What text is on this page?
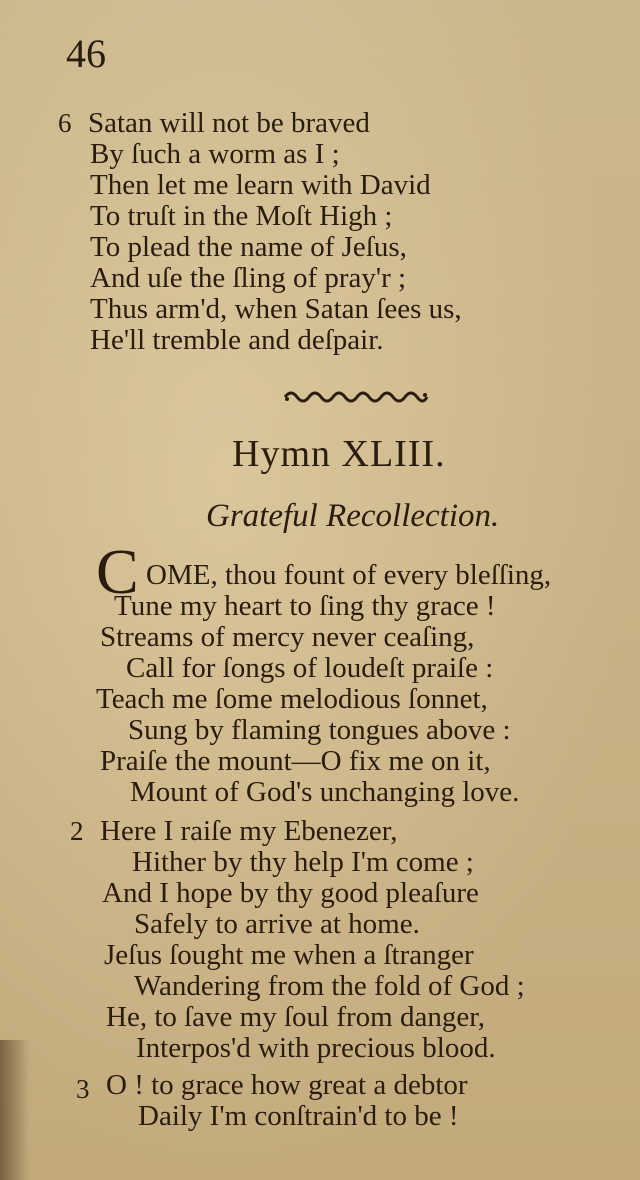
46
6 Satan will not be braved
By ſuch a worm as I ;
Then let me learn with David
To truſt in the Moſt High ;
To plead the name of Jeſus,
And uſe the ſling of pray'r ;
Thus arm'd, when Satan ſees us,
He'll tremble and deſpair.
Hymn XLIII.
Grateful Recollection.
C OME, thou fount of every bleſſing,
Tune my heart to ſing thy grace !
Streams of mercy never ceaſing,
Call for ſongs of loudeſt praiſe :
Teach me ſome melodious ſonnet,
Sung by flaming tongues above :
Praiſe the mount—O fix me on it,
Mount of God's unchanging love.
2 Here I raiſe my Ebenezer,
Hither by thy help I'm come ;
And I hope by thy good pleaſure
Safely to arrive at home.
Jeſus ſought me when a ſtranger
Wandering from the fold of God ;
He, to ſave my ſoul from danger,
Interpos'd with precious blood.
3 O ! to grace how great a debtor
Daily I'm conſtrain'd to be !
